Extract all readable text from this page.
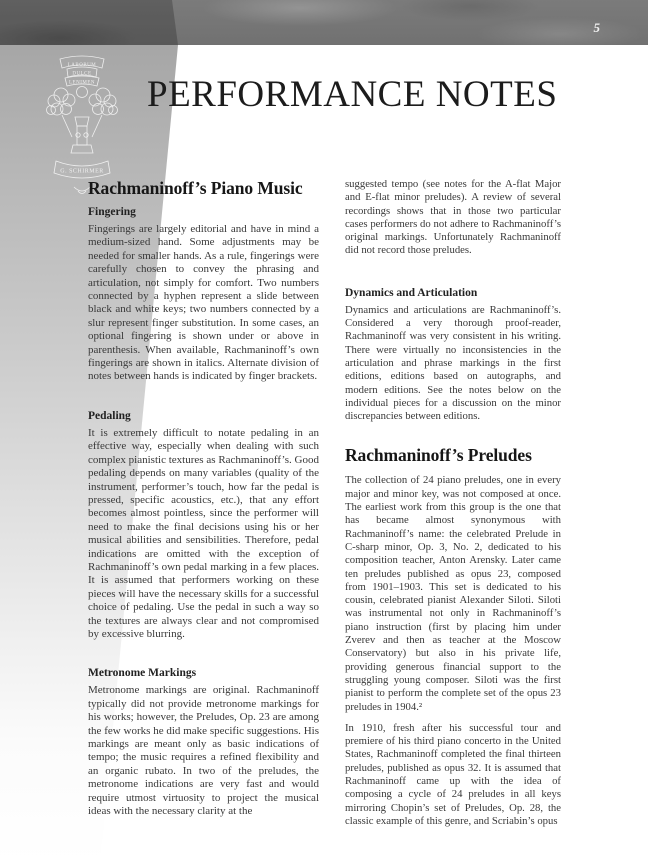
5
LABORUM
DULCE
LENIMEN
G. SCHIRMER
PERFORMANCE NOTES
Rachmaninoff’s Piano Music
Fingering

Fingerings are largely editorial and have in mind a medium-sized hand. Some adjustments may be needed for smaller hands. As a rule, fingerings were carefully chosen to convey the phrasing and articulation, not simply for comfort. Two numbers connected by a hyphen represent a slide between black and white keys; two numbers connected by a slur represent finger substitution. In some cases, an optional fingering is shown under or above in parenthesis. When available, Rachmaninoff’s own fingerings are shown in italics. Alternate division of notes between hands is indicated by finger brackets.

Pedaling

It is extremely difficult to notate pedaling in an effective way, especially when dealing with such complex pianistic textures as Rachmaninoff’s. Good pedaling depends on many variables (quality of the instrument, performer’s touch, how far the pedal is pressed, specific acoustics, etc.), that any effort becomes almost pointless, since the performer will need to make the final decisions using his or her musical abilities and sensibilities. Therefore, pedal indications are omitted with the exception of Rachmaninoff’s own pedal marking in a few places. It is assumed that performers working on these pieces will have the necessary skills for a successful choice of pedaling. Use the pedal in such a way so the textures are always clear and not compromised by excessive blurring.

Metronome Markings

Metronome markings are original. Rachmaninoff typically did not provide metronome markings for his works; however, the Preludes, Op. 23 are among the few works he did make specific suggestions. His markings are meant only as basic indications of tempo; the music requires a refined flexibility and an organic rubato. In two of the preludes, the metronome indications are very fast and would require utmost virtuosity to project the musical ideas with the necessary clarity at the

suggested tempo (see notes for the A-flat Major and E-flat minor preludes). A review of several recordings shows that in those two particular cases performers do not adhere to Rachmaninoff’s original markings. Unfortunately Rachmaninoff did not record those preludes.

Dynamics and Articulation

Dynamics and articulations are Rachmaninoff’s. Considered a very thorough proof-reader, Rachmaninoff was very consistent in his writing. There were virtually no inconsistencies in the articulation and phrase markings in the first editions, editions based on autographs, and modern editions. See the notes below on the individual pieces for a discussion on the minor discrepancies between editions.

Rachmaninoff’s Preludes

The collection of 24 piano preludes, one in every major and minor key, was not composed at once. The earliest work from this group is the one that has became almost synonymous with Rachmaninoff’s name: the celebrated Prelude in C-sharp minor, Op. 3, No. 2, dedicated to his composition teacher, Anton Arensky. Later came ten preludes published as opus 23, composed from 1901–1903. This set is dedicated to his cousin, celebrated pianist Alexander Siloti. Siloti was instrumental not only in Rachmaninoff’s piano instruction (first by placing him under Zverev and then as teacher at the Moscow Conservatory) but also in his private life, providing generous financial support to the struggling young composer. Siloti was the first pianist to perform the complete set of the opus 23 preludes in 1904.²

In 1910, fresh after his successful tour and premiere of his third piano concerto in the United States, Rachmaninoff completed the final thirteen preludes, published as opus 32. It is assumed that Rachmaninoff came up with the idea of composing a cycle of 24 preludes in all keys mirroring Chopin’s set of Preludes, Op. 28, the classic example of this genre, and Scriabin’s opus
